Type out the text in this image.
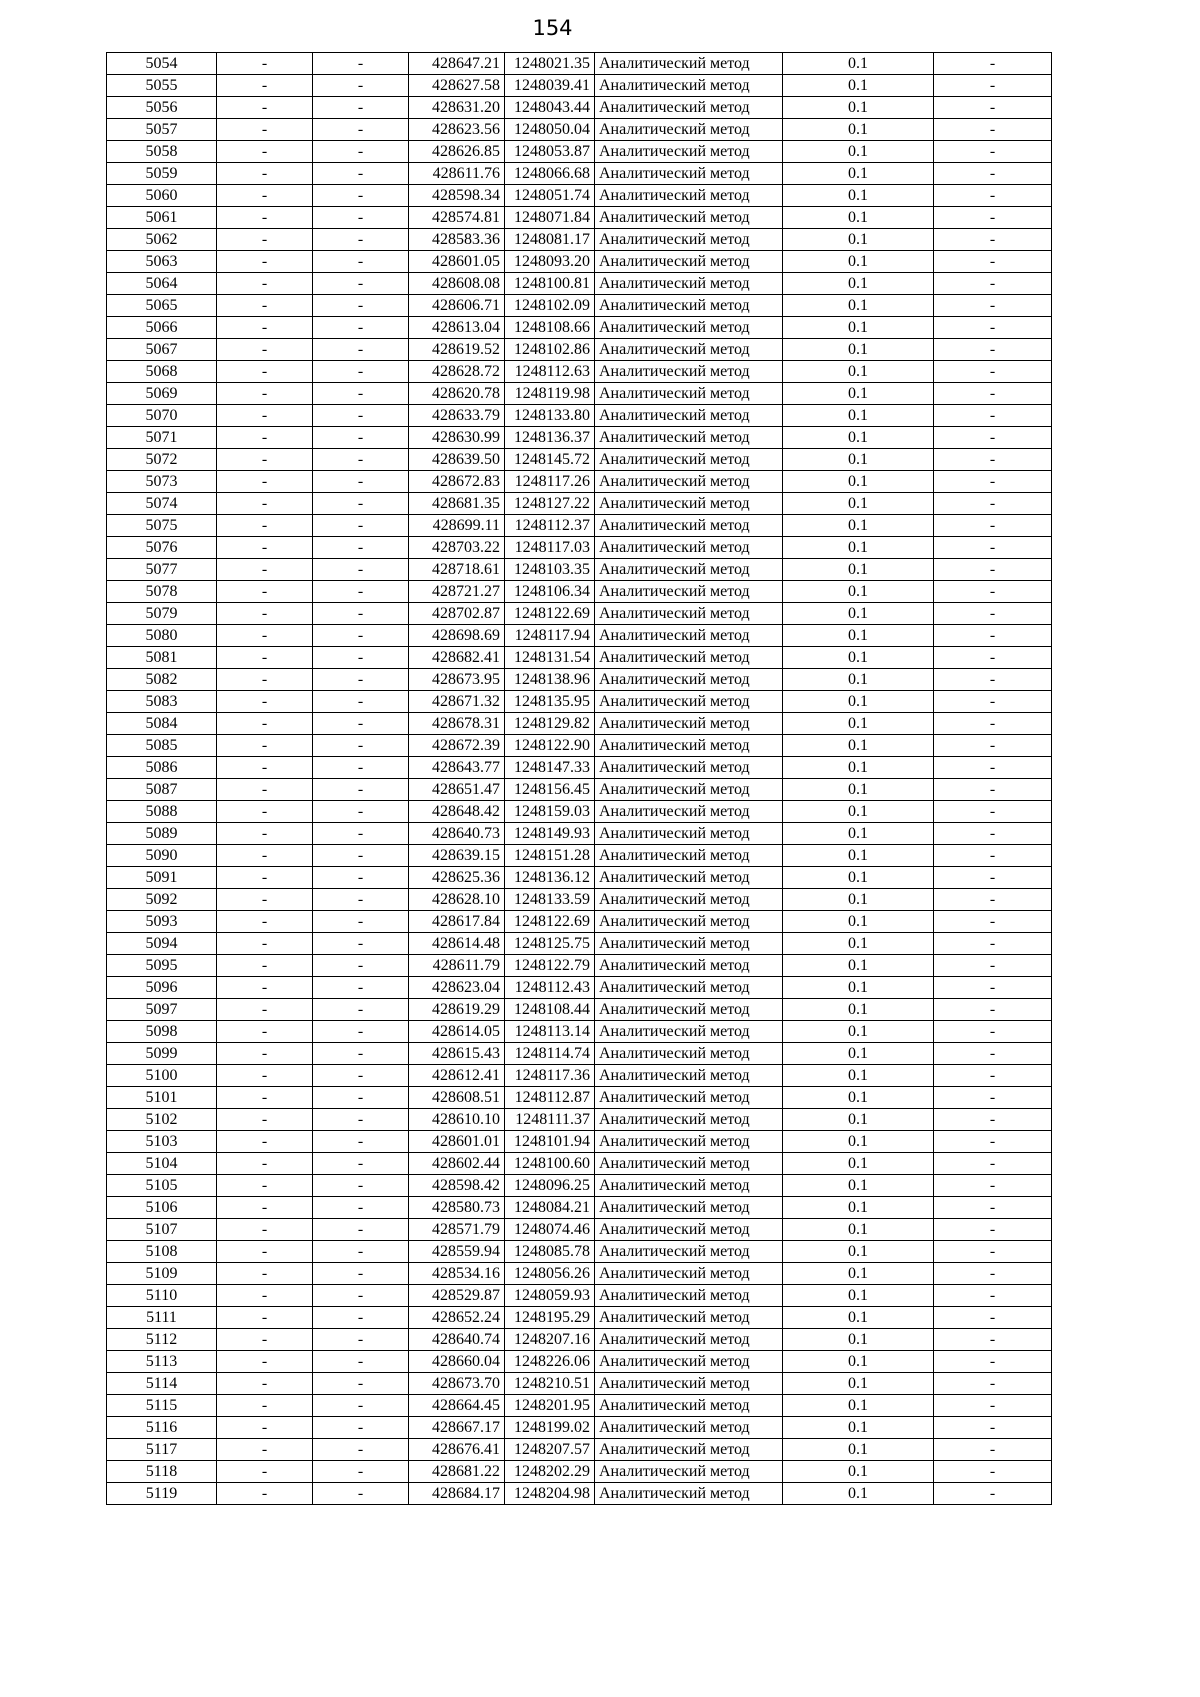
154
5054	-	-	428647.21	1248021.35	Аналитический метод	0.1	-
5055	-	-	428627.58	1248039.41	Аналитический метод	0.1	-
5056	-	-	428631.20	1248043.44	Аналитический метод	0.1	-
5057	-	-	428623.56	1248050.04	Аналитический метод	0.1	-
5058	-	-	428626.85	1248053.87	Аналитический метод	0.1	-
5059	-	-	428611.76	1248066.68	Аналитический метод	0.1	-
5060	-	-	428598.34	1248051.74	Аналитический метод	0.1	-
5061	-	-	428574.81	1248071.84	Аналитический метод	0.1	-
5062	-	-	428583.36	1248081.17	Аналитический метод	0.1	-
5063	-	-	428601.05	1248093.20	Аналитический метод	0.1	-
5064	-	-	428608.08	1248100.81	Аналитический метод	0.1	-
5065	-	-	428606.71	1248102.09	Аналитический метод	0.1	-
5066	-	-	428613.04	1248108.66	Аналитический метод	0.1	-
5067	-	-	428619.52	1248102.86	Аналитический метод	0.1	-
5068	-	-	428628.72	1248112.63	Аналитический метод	0.1	-
5069	-	-	428620.78	1248119.98	Аналитический метод	0.1	-
5070	-	-	428633.79	1248133.80	Аналитический метод	0.1	-
5071	-	-	428630.99	1248136.37	Аналитический метод	0.1	-
5072	-	-	428639.50	1248145.72	Аналитический метод	0.1	-
5073	-	-	428672.83	1248117.26	Аналитический метод	0.1	-
5074	-	-	428681.35	1248127.22	Аналитический метод	0.1	-
5075	-	-	428699.11	1248112.37	Аналитический метод	0.1	-
5076	-	-	428703.22	1248117.03	Аналитический метод	0.1	-
5077	-	-	428718.61	1248103.35	Аналитический метод	0.1	-
5078	-	-	428721.27	1248106.34	Аналитический метод	0.1	-
5079	-	-	428702.87	1248122.69	Аналитический метод	0.1	-
5080	-	-	428698.69	1248117.94	Аналитический метод	0.1	-
5081	-	-	428682.41	1248131.54	Аналитический метод	0.1	-
5082	-	-	428673.95	1248138.96	Аналитический метод	0.1	-
5083	-	-	428671.32	1248135.95	Аналитический метод	0.1	-
5084	-	-	428678.31	1248129.82	Аналитический метод	0.1	-
5085	-	-	428672.39	1248122.90	Аналитический метод	0.1	-
5086	-	-	428643.77	1248147.33	Аналитический метод	0.1	-
5087	-	-	428651.47	1248156.45	Аналитический метод	0.1	-
5088	-	-	428648.42	1248159.03	Аналитический метод	0.1	-
5089	-	-	428640.73	1248149.93	Аналитический метод	0.1	-
5090	-	-	428639.15	1248151.28	Аналитический метод	0.1	-
5091	-	-	428625.36	1248136.12	Аналитический метод	0.1	-
5092	-	-	428628.10	1248133.59	Аналитический метод	0.1	-
5093	-	-	428617.84	1248122.69	Аналитический метод	0.1	-
5094	-	-	428614.48	1248125.75	Аналитический метод	0.1	-
5095	-	-	428611.79	1248122.79	Аналитический метод	0.1	-
5096	-	-	428623.04	1248112.43	Аналитический метод	0.1	-
5097	-	-	428619.29	1248108.44	Аналитический метод	0.1	-
5098	-	-	428614.05	1248113.14	Аналитический метод	0.1	-
5099	-	-	428615.43	1248114.74	Аналитический метод	0.1	-
5100	-	-	428612.41	1248117.36	Аналитический метод	0.1	-
5101	-	-	428608.51	1248112.87	Аналитический метод	0.1	-
5102	-	-	428610.10	1248111.37	Аналитический метод	0.1	-
5103	-	-	428601.01	1248101.94	Аналитический метод	0.1	-
5104	-	-	428602.44	1248100.60	Аналитический метод	0.1	-
5105	-	-	428598.42	1248096.25	Аналитический метод	0.1	-
5106	-	-	428580.73	1248084.21	Аналитический метод	0.1	-
5107	-	-	428571.79	1248074.46	Аналитический метод	0.1	-
5108	-	-	428559.94	1248085.78	Аналитический метод	0.1	-
5109	-	-	428534.16	1248056.26	Аналитический метод	0.1	-
5110	-	-	428529.87	1248059.93	Аналитический метод	0.1	-
5111	-	-	428652.24	1248195.29	Аналитический метод	0.1	-
5112	-	-	428640.74	1248207.16	Аналитический метод	0.1	-
5113	-	-	428660.04	1248226.06	Аналитический метод	0.1	-
5114	-	-	428673.70	1248210.51	Аналитический метод	0.1	-
5115	-	-	428664.45	1248201.95	Аналитический метод	0.1	-
5116	-	-	428667.17	1248199.02	Аналитический метод	0.1	-
5117	-	-	428676.41	1248207.57	Аналитический метод	0.1	-
5118	-	-	428681.22	1248202.29	Аналитический метод	0.1	-
5119	-	-	428684.17	1248204.98	Аналитический метод	0.1	-
